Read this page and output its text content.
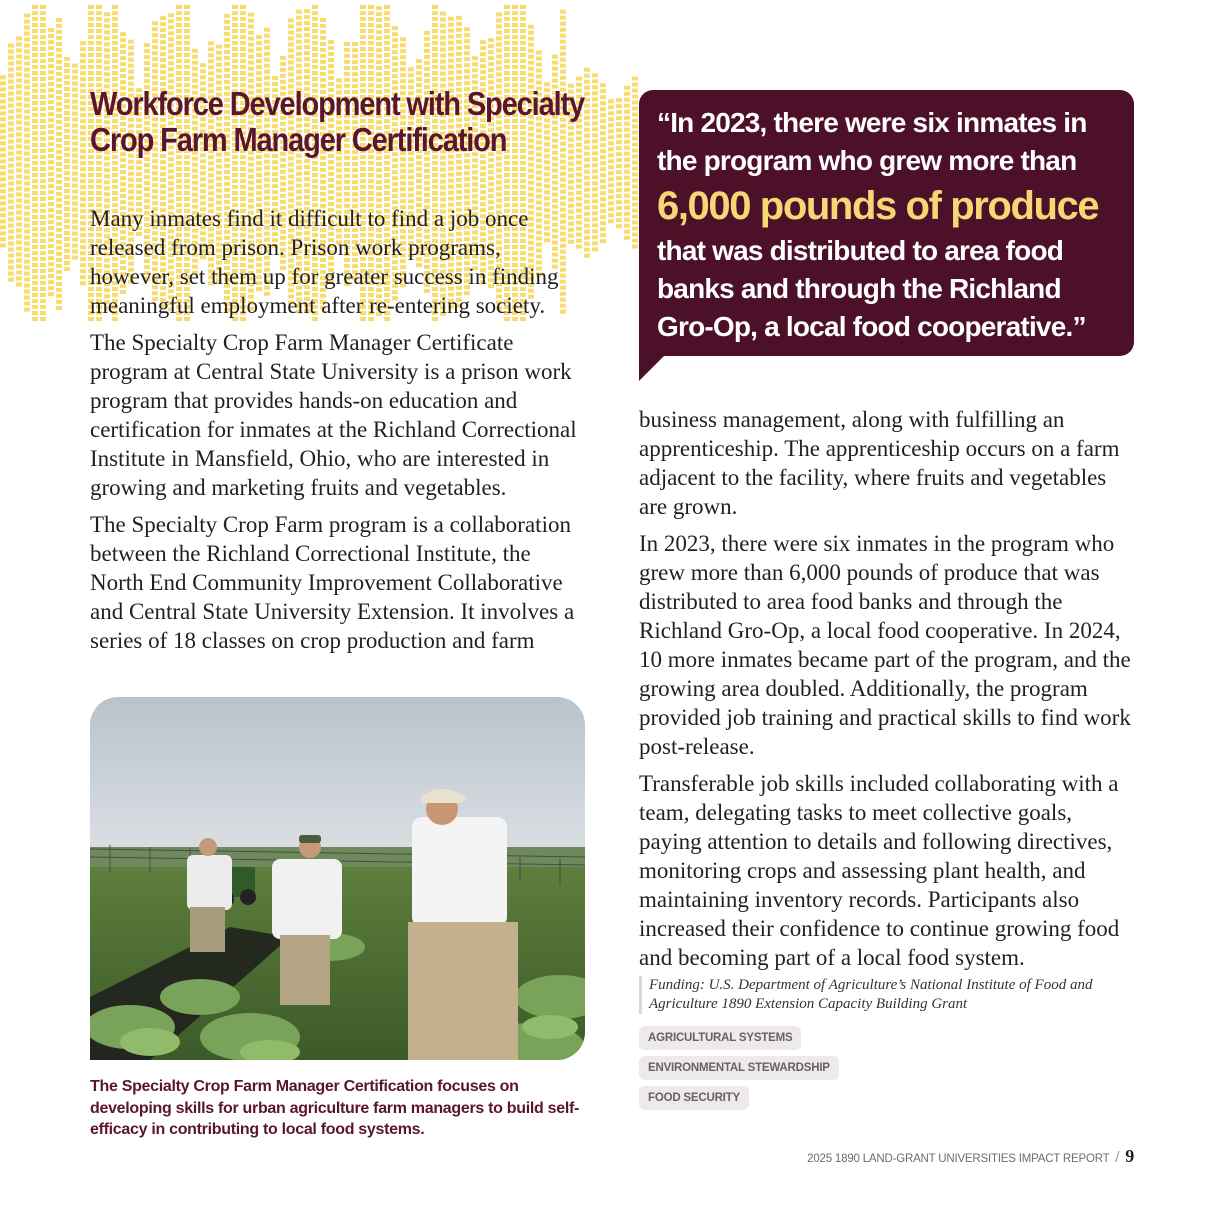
Workforce Development with Specialty Crop Farm Manager Certification

Many inmates find it difficult to find a job once released from prison. Prison work programs, however, set them up for greater success in finding meaningful employment after re-entering society.

The Specialty Crop Farm Manager Certificate program at Central State University is a prison work program that provides hands-on education and certification for inmates at the Richland Correctional Institute in Mansfield, Ohio, who are interested in growing and marketing fruits and vegetables.

The Specialty Crop Farm program is a collaboration between the Richland Correctional Institute, the North End Community Improvement Collaborative and Central State University Extension. It involves a series of 18 classes on crop production and farm

The Specialty Crop Farm Manager Certification focuses on developing skills for urban agriculture farm managers to build self-efficacy in contributing to local food systems.

“In 2023, there were six inmates in
the program who grew more than
6,000 pounds of produce
that was distributed to area food
banks and through the Richland
Gro-Op, a local food cooperative.”

business management, along with fulfilling an apprenticeship. The apprenticeship occurs on a farm adjacent to the facility, where fruits and vegetables are grown.

In 2023, there were six inmates in the program who grew more than 6,000 pounds of produce that was distributed to area food banks and through the Richland Gro-Op, a local food cooperative. In 2024, 10 more inmates became part of the program, and the growing area doubled. Additionally, the program provided job training and practical skills to find work post-release.

Transferable job skills included collaborating with a team, delegating tasks to meet collective goals, paying attention to details and following directives, monitoring crops and assessing plant health, and maintaining inventory records. Participants also increased their confidence to continue growing food and becoming part of a local food system.

Funding: U.S. Department of Agriculture’s National Institute of Food and Agriculture 1890 Extension Capacity Building Grant

AGRICULTURAL SYSTEMS
ENVIRONMENTAL STEWARDSHIP
FOOD SECURITY
2025 1890 LAND-GRANT UNIVERSITIES IMPACT REPORT / 9
